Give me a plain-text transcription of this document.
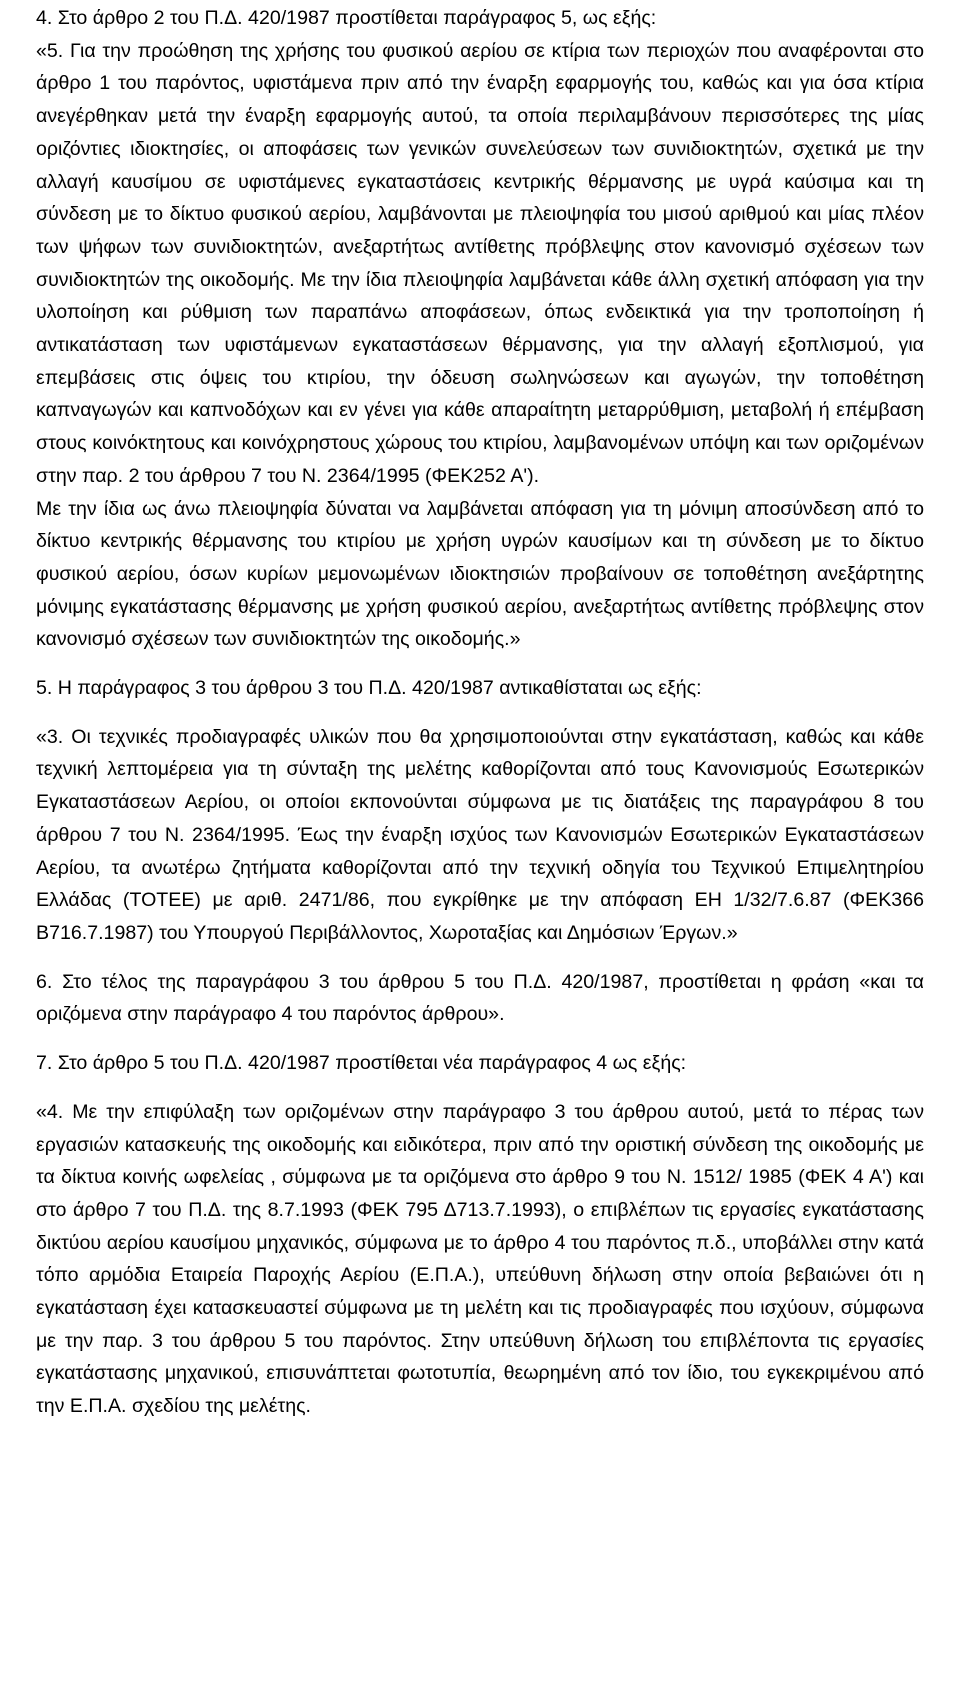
4. Στο άρθρο 2 του Π.Δ. 420/1987 προστίθεται παράγραφος 5, ως εξής:

«5. Για την προώθηση της χρήσης του φυσικού αερίου σε κτίρια των περιοχών που αναφέρονται στο άρθρο 1 του παρόντος, υφιστάμενα πριν από την έναρξη εφαρμογής του, καθώς και για όσα κτίρια ανεγέρθηκαν μετά την έναρξη εφαρμογής αυτού, τα οποία περιλαμβάνουν περισσότερες της μίας οριζόντιες ιδιοκτησίες, οι αποφάσεις των γενικών συνελεύσεων των συνιδιοκτητών, σχετικά με την αλλαγή καυσίμου σε υφιστάμενες εγκαταστάσεις κεντρικής θέρμανσης με υγρά καύσιμα και τη σύνδεση με το δίκτυο φυσικού αερίου, λαμβάνονται με πλειοψηφία του μισού αριθμού και μίας πλέον των ψήφων των συνιδιοκτητών, ανεξαρτήτως αντίθετης πρόβλεψης στον κανονισμό σχέσεων των συνιδιοκτητών της οικοδομής. Με την ίδια πλειοψηφία λαμβάνεται κάθε άλλη σχετική απόφαση για την υλοποίηση και ρύθμιση των παραπάνω αποφάσεων, όπως ενδεικτικά για την τροποποίηση ή αντικατάσταση των υφιστάμενων εγκαταστάσεων θέρμανσης, για την αλλαγή εξοπλισμού, για επεμβάσεις στις όψεις του κτιρίου, την όδευση σωληνώσεων και αγωγών, την τοποθέτηση καπναγωγών και καπνοδόχων και εν γένει για κάθε απαραίτητη μεταρρύθμιση, μεταβολή ή επέμβαση στους κοινόκτητους και κοινόχρηστους χώρους του κτιρίου, λαμβανομένων υπόψη και των οριζομένων στην παρ. 2 του άρθρου 7 του Ν. 2364/1995 (ΦΕΚ252 Α').

Με την ίδια ως άνω πλειοψηφία δύναται να λαμβάνεται απόφαση για τη μόνιμη αποσύνδεση από το δίκτυο κεντρικής θέρμανσης του κτιρίου με χρήση υγρών καυσίμων και τη σύνδεση με το δίκτυο φυσικού αερίου, όσων κυρίων μεμονωμένων ιδιοκτησιών προβαίνουν σε τοποθέτηση ανεξάρτητης μόνιμης εγκατάστασης θέρμανσης με χρήση φυσικού αερίου, ανεξαρτήτως αντίθετης πρόβλεψης στον κανονισμό σχέσεων των συνιδιοκτητών της οικοδομής.»

5. Η παράγραφος 3 του άρθρου 3 του Π.Δ. 420/1987 αντικαθίσταται ως εξής:

«3. Οι τεχνικές προδιαγραφές υλικών που θα χρησιμοποιούνται στην εγκατάσταση, καθώς και κάθε τεχνική λεπτομέρεια για τη σύνταξη της μελέτης καθορίζονται από τους Κανονισμούς Εσωτερικών Εγκαταστάσεων Αερίου, οι οποίοι εκπονούνται σύμφωνα με τις διατάξεις της παραγράφου 8 του άρθρου 7 του Ν. 2364/1995. Έως την έναρξη ισχύος των Κανονισμών Εσωτερικών Εγκαταστάσεων Αερίου, τα ανωτέρω ζητήματα καθορίζονται από την τεχνική οδηγία του Τεχνικού Επιμελητηρίου Ελλάδας (ΤΟΤΕΕ) με αριθ. 2471/86, που εγκρίθηκε με την απόφαση ΕΗ 1/32/7.6.87 (ΦΕΚ366 Β716.7.1987) του Υπουργού Περιβάλλοντος, Χωροταξίας και Δημόσιων Έργων.»

6. Στο τέλος της παραγράφου 3 του άρθρου 5 του Π.Δ. 420/1987, προστίθεται η φράση «και τα οριζόμενα στην παράγραφο 4 του παρόντος άρθρου».

7. Στο άρθρο 5 του Π.Δ. 420/1987 προστίθεται νέα παράγραφος 4 ως εξής:

«4. Με την επιφύλαξη των οριζομένων στην παράγραφο 3 του άρθρου αυτού, μετά το πέρας των εργασιών κατασκευής της οικοδομής και ειδικότερα, πριν από την οριστική σύνδεση της οικοδομής με τα δίκτυα κοινής ωφελείας , σύμφωνα με τα οριζόμενα στο άρθρο 9 του Ν. 1512/ 1985 (ΦΕΚ 4 Α') και στο άρθρο 7 του Π.Δ. της 8.7.1993 (ΦΕΚ 795 Δ713.7.1993), ο επιβλέπων τις εργασίες εγκατάστασης δικτύου αερίου καυσίμου μηχανικός, σύμφωνα με το άρθρο 4 του παρόντος π.δ., υποβάλλει στην κατά τόπο αρμόδια Εταιρεία Παροχής Αερίου (Ε.Π.Α.), υπεύθυνη δήλωση στην οποία βεβαιώνει ότι η εγκατάσταση έχει κατασκευαστεί σύμφωνα με τη μελέτη και τις προδιαγραφές που ισχύουν, σύμφωνα με την παρ. 3 του άρθρου 5 του παρόντος. Στην υπεύθυνη δήλωση του επιβλέποντα τις εργασίες εγκατάστασης μηχανικού, επισυνάπτεται φωτοτυπία, θεωρημένη από τον ίδιο, του εγκεκριμένου από την Ε.Π.Α. σχεδίου της μελέτης.
